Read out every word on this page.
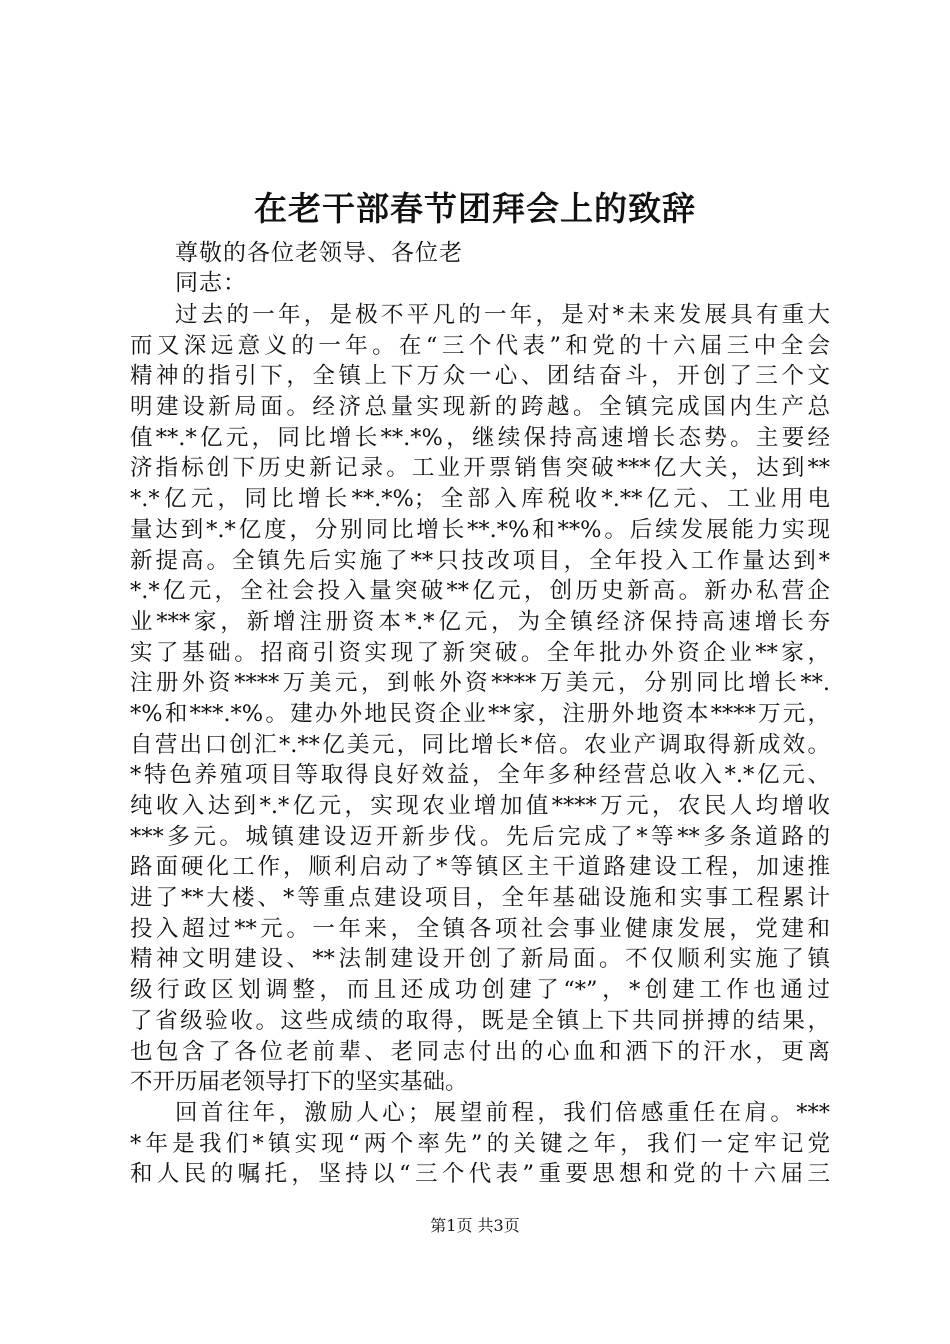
在老干部春节团拜会上的致辞
尊敬的各位老领导、各位老
同志：
过去的一年，是极不平凡的一年，是对*未来发展具有重大
而又深远意义的一年。在“三个代表”和党的十六届三中全会
精神的指引下，全镇上下万众一心、团结奋斗，开创了三个文
明建设新局面。经济总量实现新的跨越。全镇完成国内生产总
值**.*亿元，同比增长**.*%，继续保持高速增长态势。主要经
济指标创下历史新记录。工业开票销售突破***亿大关，达到**
*.*亿元，同比增长**.*%；全部入库税收*.**亿元、工业用电
量达到*.*亿度，分别同比增长**.*%和**%。后续发展能力实现
新提高。全镇先后实施了**只技改项目，全年投入工作量达到*
*.*亿元，全社会投入量突破**亿元，创历史新高。新办私营企
业***家，新增注册资本*.*亿元，为全镇经济保持高速增长夯
实了基础。招商引资实现了新突破。全年批办外资企业**家，
注册外资****万美元，到帐外资****万美元，分别同比增长**.
*%和***.*%。建办外地民资企业**家，注册外地资本****万元，
自营出口创汇*.**亿美元，同比增长*倍。农业产调取得新成效。
*特色养殖项目等取得良好效益，全年多种经营总收入*.*亿元、
纯收入达到*.*亿元，实现农业增加值****万元，农民人均增收
***多元。城镇建设迈开新步伐。先后完成了*等**多条道路的
路面硬化工作，顺利启动了*等镇区主干道路建设工程，加速推
进了**大楼、*等重点建设项目，全年基础设施和实事工程累计
投入超过**元。一年来，全镇各项社会事业健康发展，党建和
精神文明建设、**法制建设开创了新局面。不仅顺利实施了镇
级行政区划调整，而且还成功创建了“*”，*创建工作也通过
了省级验收。这些成绩的取得，既是全镇上下共同拼搏的结果，
也包含了各位老前辈、老同志付出的心血和洒下的汗水，更离
不开历届老领导打下的坚实基础。
回首往年，激励人心；展望前程，我们倍感重任在肩。***
*年是我们*镇实现“两个率先”的关键之年，我们一定牢记党
和人民的嘱托，坚持以“三个代表”重要思想和党的十六届三
第1页 共3页
